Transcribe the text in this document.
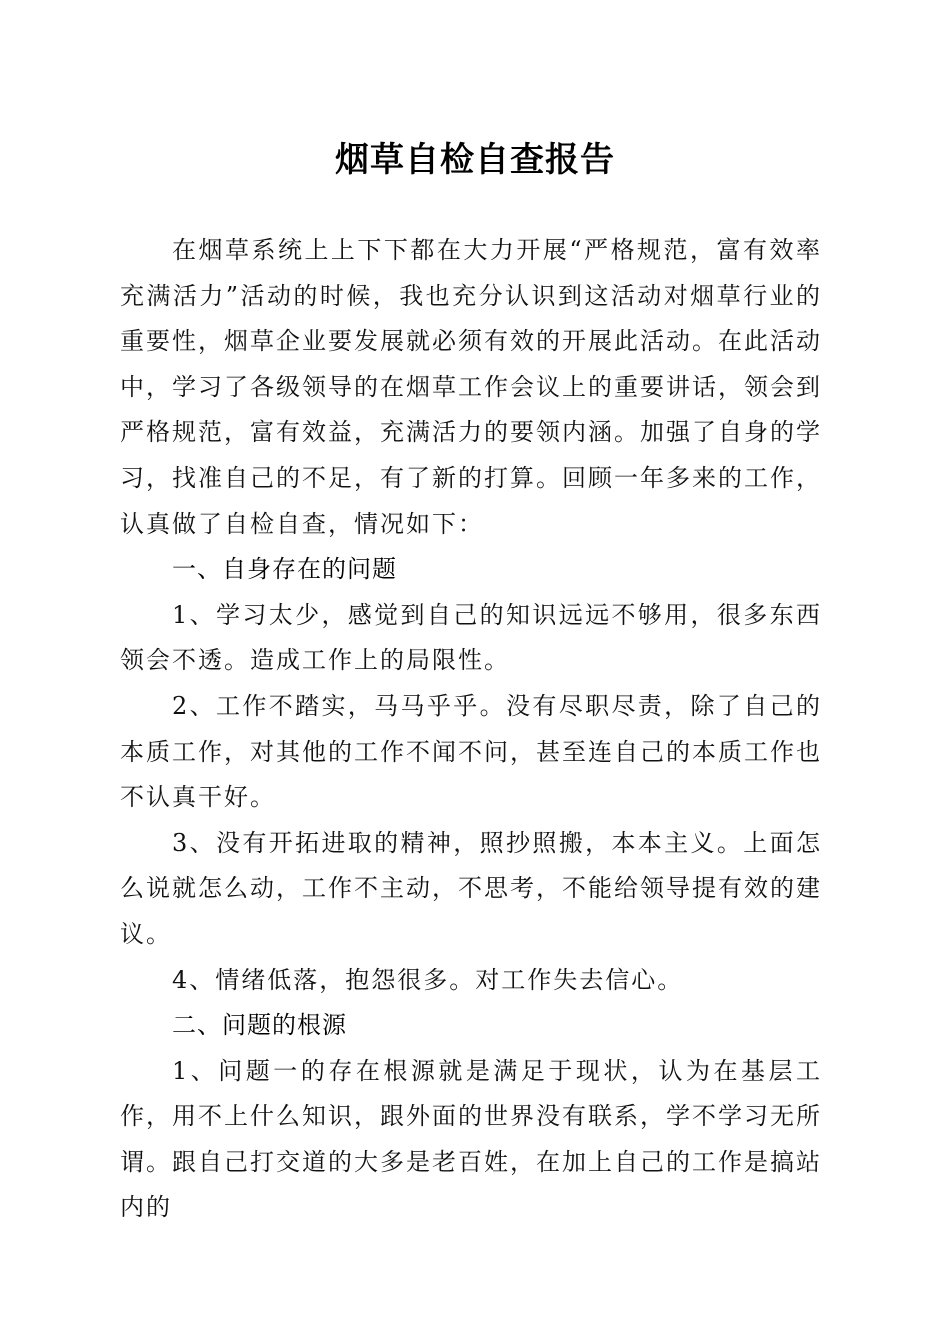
烟草自检自查报告

在烟草系统上上下下都在大力开展“严格规范，富有效率充满活力”活动的时候，我也充分认识到这活动对烟草行业的重要性，烟草企业要发展就必须有效的开展此活动。在此活动中，学习了各级领导的在烟草工作会议上的重要讲话，领会到严格规范，富有效益，充满活力的要领内涵。加强了自身的学习，找准自己的不足，有了新的打算。回顾一年多来的工作，认真做了自检自查，情况如下：

一、自身存在的问题

1、学习太少，感觉到自己的知识远远不够用，很多东西领会不透。造成工作上的局限性。

2、工作不踏实，马马乎乎。没有尽职尽责，除了自己的本质工作，对其他的工作不闻不问，甚至连自己的本质工作也不认真干好。

3、没有开拓进取的精神，照抄照搬，本本主义。上面怎么说就怎么动，工作不主动，不思考，不能给领导提有效的建议。

4、情绪低落，抱怨很多。对工作失去信心。

二、问题的根源

1、问题一的存在根源就是满足于现状，认为在基层工作，用不上什么知识，跟外面的世界没有联系，学不学习无所谓。跟自己打交道的大多是老百姓，在加上自己的工作是搞站内的
